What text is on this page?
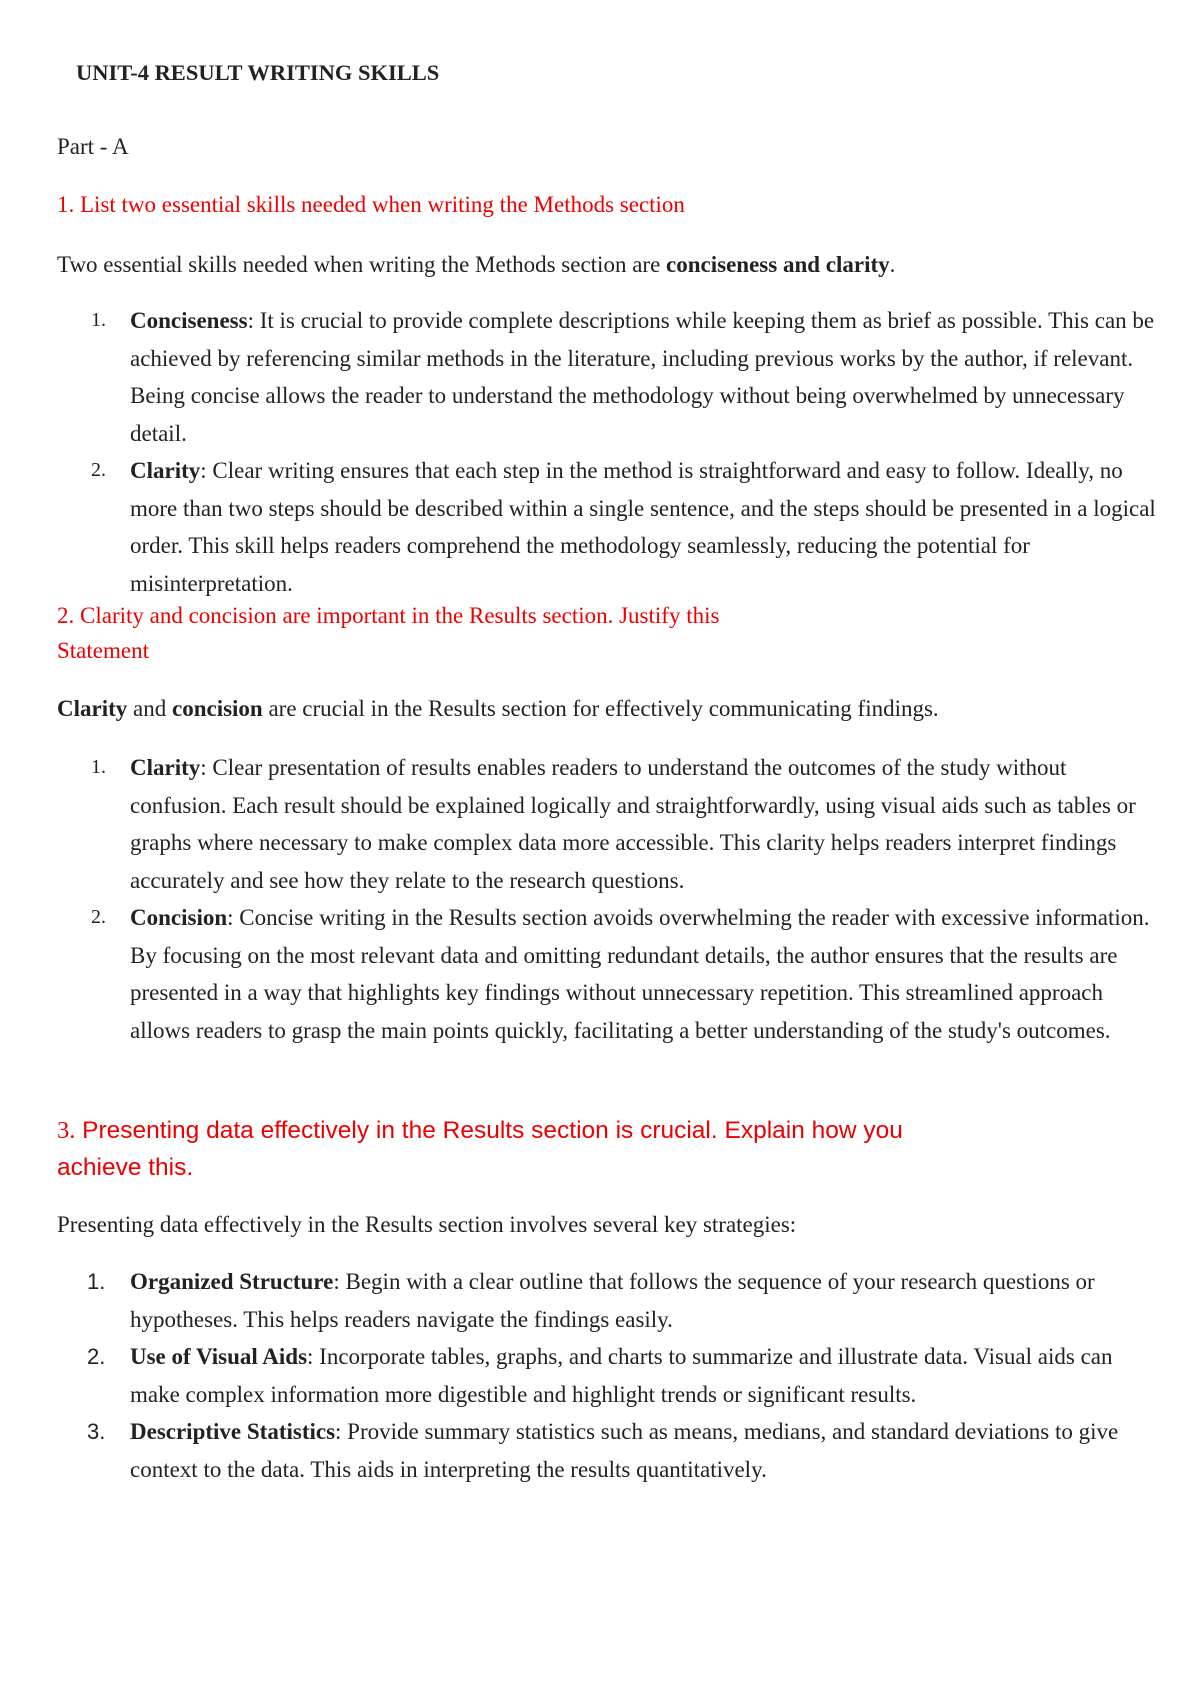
UNIT-4 RESULT WRITING SKILLS
Part - A
1. List two essential skills needed when writing the Methods section
Two essential skills needed when writing the Methods section are conciseness and clarity.
1. Conciseness: It is crucial to provide complete descriptions while keeping them as brief as possible. This can be achieved by referencing similar methods in the literature, including previous works by the author, if relevant. Being concise allows the reader to understand the methodology without being overwhelmed by unnecessary detail.
2. Clarity: Clear writing ensures that each step in the method is straightforward and easy to follow. Ideally, no more than two steps should be described within a single sentence, and the steps should be presented in a logical order. This skill helps readers comprehend the methodology seamlessly, reducing the potential for misinterpretation.
2. Clarity and concision are important in the Results section. Justify this
Statement
Clarity and concision are crucial in the Results section for effectively communicating findings.
1. Clarity: Clear presentation of results enables readers to understand the outcomes of the study without confusion. Each result should be explained logically and straightforwardly, using visual aids such as tables or graphs where necessary to make complex data more accessible. This clarity helps readers interpret findings accurately and see how they relate to the research questions.
2. Concision: Concise writing in the Results section avoids overwhelming the reader with excessive information. By focusing on the most relevant data and omitting redundant details, the author ensures that the results are presented in a way that highlights key findings without unnecessary repetition. This streamlined approach allows readers to grasp the main points quickly, facilitating a better understanding of the study's outcomes.
3. Presenting data effectively in the Results section is crucial. Explain how you
achieve this.
Presenting data effectively in the Results section involves several key strategies:
1. Organized Structure: Begin with a clear outline that follows the sequence of your research questions or hypotheses. This helps readers navigate the findings easily.
2. Use of Visual Aids: Incorporate tables, graphs, and charts to summarize and illustrate data. Visual aids can make complex information more digestible and highlight trends or significant results.
3. Descriptive Statistics: Provide summary statistics such as means, medians, and standard deviations to give context to the data. This aids in interpreting the results quantitatively.
